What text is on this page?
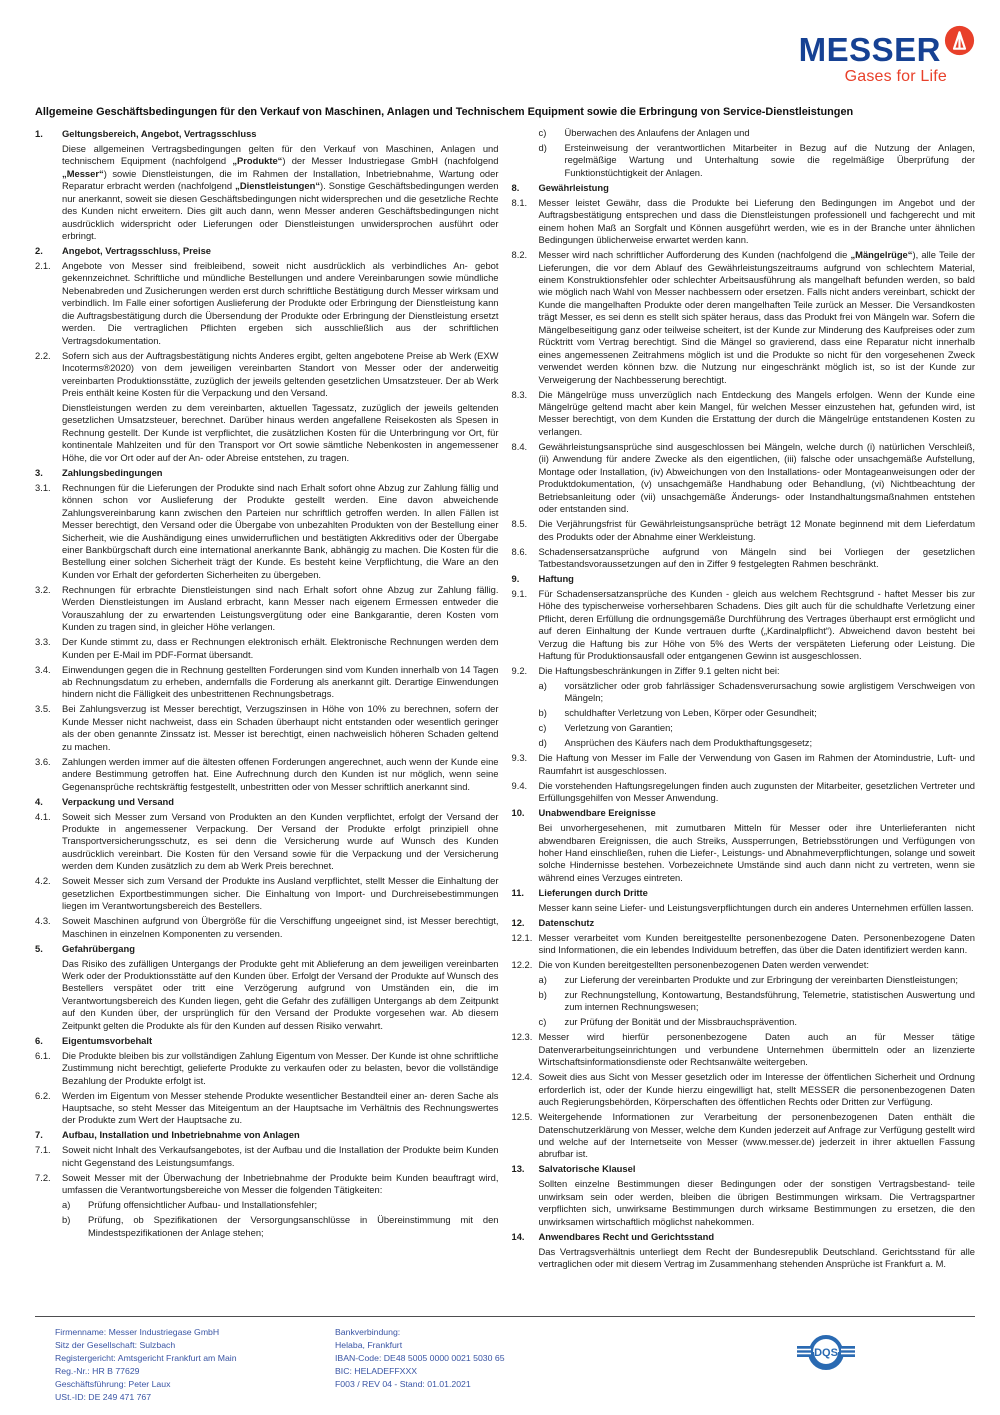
MESSER
Gases for Life
Allgemeine Geschäftsbedingungen für den Verkauf von Maschinen, Anlagen und Technischem Equipment sowie die Erbringung von Service-Dienstleistungen
1.	Geltungsbereich, Angebot, Vertragsschluss
Diese allgemeinen Vertragsbedingungen gelten für den Verkauf von Maschinen, Anlagen und technischem Equipment (nachfolgend „Produkte“) der Messer Industriegase GmbH (nachfolgend „Messer“) sowie Dienstleistungen, die im Rahmen der Installation, Inbetriebnahme, Wartung oder Reparatur erbracht werden (nachfolgend „Dienstleistungen“). Sonstige Geschäftsbedingungen werden nur anerkannt, soweit sie diesen Geschäftsbedingungen nicht widersprechen und die gesetzliche Rechte des Kunden nicht erweitern. Dies gilt auch dann, wenn Messer anderen Geschäftsbedingungen nicht ausdrücklich widerspricht oder Lieferungen oder Dienstleistungen unwidersprochen ausführt oder erbringt.
2.	Angebot, Vertragsschluss, Preise
2.1.	Angebote von Messer sind freibleibend, soweit nicht ausdrücklich als verbindliches An- gebot gekennzeichnet. Schriftliche und mündliche Bestellungen und andere Vereinbarungen sowie mündliche Nebenabreden und Zusicherungen werden erst durch schriftliche Bestätigung durch Messer wirksam und verbindlich. Im Falle einer sofortigen Auslieferung der Produkte oder Erbringung der Dienstleistung kann die Auftragsbestätigung durch die Übersendung der Produkte oder Erbringung der Dienstleistung ersetzt werden. Die vertraglichen Pflichten ergeben sich ausschließlich aus der schriftlichen Vertragsdokumentation.
2.2.	Sofern sich aus der Auftragsbestätigung nichts Anderes ergibt, gelten angebotene Preise ab Werk (EXW Incoterms®2020) von dem jeweiligen vereinbarten Standort von Messer oder der anderweitig vereinbarten Produktionsstätte, zuzüglich der jeweils geltenden gesetzlichen Umsatzsteuer. Der ab Werk Preis enthält keine Kosten für die Verpackung und den Versand.
Dienstleistungen werden zu dem vereinbarten, aktuellen Tagessatz, zuzüglich der jeweils geltenden gesetzlichen Umsatzsteuer, berechnet. Darüber hinaus werden angefallene Reisekosten als Spesen in Rechnung gestellt. Der Kunde ist verpflichtet, die zusätzlichen Kosten für die Unterbringung vor Ort, für kontinentale Mahlzeiten und für den Transport vor Ort sowie sämtliche Nebenkosten in angemessener Höhe, die vor Ort oder auf der An- oder Abreise entstehen, zu tragen.
3.	Zahlungsbedingungen
3.1.	Rechnungen für die Lieferungen der Produkte sind nach Erhalt sofort ohne Abzug zur Zahlung fällig und können schon vor Auslieferung der Produkte gestellt werden. Eine davon abweichende Zahlungsvereinbarung kann zwischen den Parteien nur schriftlich getroffen werden. In allen Fällen ist Messer berechtigt, den Versand oder die Übergabe von unbezahlten Produkten von der Bestellung einer Sicherheit, wie die Aushändigung eines unwiderruflichen und bestätigten Akkreditivs oder der Übergabe einer Bankbürgschaft durch eine international anerkannte Bank, abhängig zu machen. Die Kosten für die Bestellung einer solchen Sicherheit trägt der Kunde. Es besteht keine Verpflichtung, die Ware an den Kunden vor Erhalt der geforderten Sicherheiten zu übergeben.
3.2.	Rechnungen für erbrachte Dienstleistungen sind nach Erhalt sofort ohne Abzug zur Zahlung fällig. Werden Dienstleistungen im Ausland erbracht, kann Messer nach eigenem Ermessen entweder die Vorauszahlung der zu erwartenden Leistungsvergütung oder eine Bankgarantie, deren Kosten vom Kunden zu tragen sind, in gleicher Höhe verlangen.
3.3.	Der Kunde stimmt zu, dass er Rechnungen elektronisch erhält. Elektronische Rechnungen werden dem Kunden per E-Mail im PDF-Format übersandt.
3.4.	Einwendungen gegen die in Rechnung gestellten Forderungen sind vom Kunden innerhalb von 14 Tagen ab Rechnungsdatum zu erheben, andernfalls die Forderung als anerkannt gilt. Derartige Einwendungen hindern nicht die Fälligkeit des unbestrittenen Rechnungsbetrags.
3.5.	Bei Zahlungsverzug ist Messer berechtigt, Verzugszinsen in Höhe von 10% zu berechnen, sofern der Kunde Messer nicht nachweist, dass ein Schaden überhaupt nicht entstanden oder wesentlich geringer als der oben genannte Zinssatz ist. Messer ist berechtigt, einen nachweislich höheren Schaden geltend zu machen.
3.6.	Zahlungen werden immer auf die ältesten offenen Forderungen angerechnet, auch wenn der Kunde eine andere Bestimmung getroffen hat. Eine Aufrechnung durch den Kunden ist nur möglich, wenn seine Gegenansprüche rechtskräftig festgestellt, unbestritten oder von Messer schriftlich anerkannt sind.
4.	Verpackung und Versand
4.1.	Soweit sich Messer zum Versand von Produkten an den Kunden verpflichtet, erfolgt der Versand der Produkte in angemessener Verpackung. Der Versand der Produkte erfolgt prinzipiell ohne Transportversicherungsschutz, es sei denn die Versicherung wurde auf Wunsch des Kunden ausdrücklich vereinbart. Die Kosten für den Versand sowie für die Verpackung und der Versicherung werden dem Kunden zusätzlich zu dem ab Werk Preis berechnet.
4.2.	Soweit Messer sich zum Versand der Produkte ins Ausland verpflichtet, stellt Messer die Einhaltung der gesetzlichen Exportbestimmungen sicher. Die Einhaltung von Import- und Durchreisebestimmungen liegen im Verantwortungsbereich des Bestellers.
4.3.	Soweit Maschinen aufgrund von Übergröße für die Verschiffung ungeeignet sind, ist Messer berechtigt, Maschinen in einzelnen Komponenten zu versenden.
5.	Gefahrübergang
Das Risiko des zufälligen Untergangs der Produkte geht mit Ablieferung an dem jeweiligen vereinbarten Werk oder der Produktionsstätte auf den Kunden über. Erfolgt der Versand der Produkte auf Wunsch des Bestellers verspätet oder tritt eine Verzögerung aufgrund von Umständen ein, die im Verantwortungsbereich des Kunden liegen, geht die Gefahr des zufälligen Untergangs ab dem Zeitpunkt auf den Kunden über, der ursprünglich für den Versand der Produkte vorgesehen war. Ab diesem Zeitpunkt gelten die Produkte als für den Kunden auf dessen Risiko verwahrt.
6.	Eigentumsvorbehalt
6.1.	Die Produkte bleiben bis zur vollständigen Zahlung Eigentum von Messer. Der Kunde ist ohne schriftliche Zustimmung nicht berechtigt, gelieferte Produkte zu verkaufen oder zu belasten, bevor die vollständige Bezahlung der Produkte erfolgt ist.
6.2.	Werden im Eigentum von Messer stehende Produkte wesentlicher Bestandteil einer an- deren Sache als Hauptsache, so steht Messer das Miteigentum an der Hauptsache im Verhältnis des Rechnungswertes der Produkte zum Wert der Hauptsache zu.
7.	Aufbau, Installation und Inbetriebnahme von Anlagen
7.1.	Soweit nicht Inhalt des Verkaufsangebotes, ist der Aufbau und die Installation der Produkte beim Kunden nicht Gegenstand des Leistungsumfangs.
7.2.	Soweit Messer mit der Überwachung der Inbetriebnahme der Produkte beim Kunden beauftragt wird, umfassen die Verantwortungsbereiche von Messer die folgenden Tätigkeiten:
a)	Prüfung offensichtlicher Aufbau- und Installationsfehler;
b)	Prüfung, ob Spezifikationen der Versorgungsanschlüsse in Übereinstimmung mit den Mindestspezifikationen der Anlage stehen;
c)	Überwachen des Anlaufens der Anlagen und
d)	Ersteinweisung der verantwortlichen Mitarbeiter in Bezug auf die Nutzung der Anlagen, regelmäßige Wartung und Unterhaltung sowie die regelmäßige Überprüfung der Funktionstüchtigkeit der Anlagen.
8.	Gewährleistung
8.1.	Messer leistet Gewähr, dass die Produkte bei Lieferung den Bedingungen im Angebot und der Auftragsbestätigung entsprechen und dass die Dienstleistungen professionell und fachgerecht und mit einem hohen Maß an Sorgfalt und Können ausgeführt werden, wie es in der Branche unter ähnlichen Bedingungen üblicherweise erwartet werden kann.
8.2.	Messer wird nach schriftlicher Aufforderung des Kunden (nachfolgend die „Mängelrüge“), alle Teile der Lieferungen, die vor dem Ablauf des Gewährleistungszeitraums aufgrund von schlechtem Material, einem Konstruktionsfehler oder schlechter Arbeitsausführung als mangelhaft befunden werden, so bald wie möglich nach Wahl von Messer nachbessern oder ersetzen. Falls nicht anders vereinbart, schickt der Kunde die mangelhaften Produkte oder deren mangelhaften Teile zurück an Messer. Die Versandkosten trägt Messer, es sei denn es stellt sich später heraus, dass das Produkt frei von Mängeln war. Sofern die Mängelbeseitigung ganz oder teilweise scheitert, ist der Kunde zur Minderung des Kaufpreises oder zum Rücktritt vom Vertrag berechtigt. Sind die Mängel so gravierend, dass eine Reparatur nicht innerhalb eines angemessenen Zeitrahmens möglich ist und die Produkte so nicht für den vorgesehenen Zweck verwendet werden können bzw. die Nutzung nur eingeschränkt möglich ist, so ist der Kunde zur Verweigerung der Nachbesserung berechtigt.
8.3.	Die Mängelrüge muss unverzüglich nach Entdeckung des Mangels erfolgen. Wenn der Kunde eine Mängelrüge geltend macht aber kein Mangel, für welchen Messer einzustehen hat, gefunden wird, ist Messer berechtigt, von dem Kunden die Erstattung der durch die Mängelrüge entstandenen Kosten zu verlangen.
8.4.	Gewährleistungsansprüche sind ausgeschlossen bei Mängeln, welche durch (i) natürlichen Verschleiß, (ii) Anwendung für andere Zwecke als den eigentlichen, (iii) falsche oder unsachgemäße Aufstellung, Montage oder Installation, (iv) Abweichungen von den Installations- oder Montageanweisungen oder der Produktdokumentation, (v) unsachgemäße Handhabung oder Behandlung, (vi) Nichtbeachtung der Betriebsanleitung oder (vii) unsachgemäße Änderungs- oder Instandhaltungsmaßnahmen entstehen oder entstanden sind.
8.5.	Die Verjährungsfrist für Gewährleistungsansprüche beträgt 12 Monate beginnend mit dem Lieferdatum des Produkts oder der Abnahme einer Werkleistung.
8.6.	Schadensersatzansprüche aufgrund von Mängeln sind bei Vorliegen der gesetzlichen Tatbestandsvoraussetzungen auf den in Ziffer 9 festgelegten Rahmen beschränkt.
9.	Haftung
9.1.	Für Schadensersatzansprüche des Kunden - gleich aus welchem Rechtsgrund - haftet Messer bis zur Höhe des typischerweise vorhersehbaren Schadens. Dies gilt auch für die schuldhafte Verletzung einer Pflicht, deren Erfüllung die ordnungsgemäße Durchführung des Vertrages überhaupt erst ermöglicht und auf deren Einhaltung der Kunde vertrauen durfte („Kardinalpflicht“). Abweichend davon besteht bei Verzug die Haftung bis zur Höhe von 5% des Werts der verspäteten Lieferung oder Leistung. Die Haftung für Produktionsausfall oder entgangenen Gewinn ist ausgeschlossen.
9.2.	Die Haftungsbeschränkungen in Ziffer 9.1 gelten nicht bei:
a)	vorsätzlicher oder grob fahrlässiger Schadensverursachung sowie arglistigem Verschweigen von Mängeln;
b)	schuldhafter Verletzung von Leben, Körper oder Gesundheit;
c)	Verletzung von Garantien;
d)	Ansprüchen des Käufers nach dem Produkthaftungsgesetz;
9.3.	Die Haftung von Messer im Falle der Verwendung von Gasen im Rahmen der Atomindustrie, Luft- und Raumfahrt ist ausgeschlossen.
9.4.	Die vorstehenden Haftungsregelungen finden auch zugunsten der Mitarbeiter, gesetzlichen Vertreter und Erfüllungsgehilfen von Messer Anwendung.
10.	Unabwendbare Ereignisse
Bei unvorhergesehenen, mit zumutbaren Mitteln für Messer oder ihre Unterlieferanten nicht abwendbaren Ereignissen, die auch Streiks, Aussperrungen, Betriebsstörungen und Verfügungen von hoher Hand einschließen, ruhen die Liefer-, Leistungs- und Abnahmeverpflichtungen, solange und soweit solche Hindernisse bestehen. Vorbezeichnete Umstände sind auch dann nicht zu vertreten, wenn sie während eines Verzuges eintreten.
11.	Lieferungen durch Dritte
Messer kann seine Liefer- und Leistungsverpflichtungen durch ein anderes Unternehmen erfüllen lassen.
12.	Datenschutz
12.1. Messer verarbeitet vom Kunden bereitgestellte personenbezogene Daten. Personenbezogene Daten sind Informationen, die ein lebendes Individuum betreffen, das über die Daten identifiziert werden kann.
12.2. Die von Kunden bereitgestellten personenbezogenen Daten werden verwendet:
a)	zur Lieferung der vereinbarten Produkte und zur Erbringung der vereinbarten Dienstleistungen;
b)	zur Rechnungstellung, Kontowartung, Bestandsführung, Telemetrie, statistischen Auswertung und zum internen Rechnungswesen;
c)	zur Prüfung der Bonität und der Missbrauchsprävention.
12.3. Messer wird hierfür personenbezogene Daten auch an für Messer tätige Datenverarbeitungseinrichtungen und verbundene Unternehmen übermitteln oder an lizenzierte Wirtschaftsinformationsdienste oder Rechtsanwälte weitergeben.
12.4. Soweit dies aus Sicht von Messer gesetzlich oder im Interesse der öffentlichen Sicherheit und Ordnung erforderlich ist, oder der Kunde hierzu eingewilligt hat, stellt MESSER die personenbezogenen Daten auch Regierungsbehörden, Körperschaften des öffentlichen Rechts oder Dritten zur Verfügung.
12.5. Weitergehende Informationen zur Verarbeitung der personenbezogenen Daten enthält die Datenschutzerklärung von Messer, welche dem Kunden jederzeit auf Anfrage zur Verfügung gestellt wird und welche auf der Internetseite von Messer (www.messer.de) jederzeit in ihrer aktuellen Fassung abrufbar ist.
13.	Salvatorische Klausel
Sollten einzelne Bestimmungen dieser Bedingungen oder der sonstigen Vertragsbestand- teile unwirksam sein oder werden, bleiben die übrigen Bestimmungen wirksam. Die Vertragspartner verpflichten sich, unwirksame Bestimmungen durch wirksame Bestimmungen zu ersetzen, die den unwirksamen wirtschaftlich möglichst nahekommen.
14.	Anwendbares Recht und Gerichtsstand
Das Vertragsverhältnis unterliegt dem Recht der Bundesrepublik Deutschland. Gerichtsstand für alle vertraglichen oder mit diesem Vertrag im Zusammenhang stehenden Ansprüche ist Frankfurt a. M.
Firmenname: Messer Industriegase GmbH
Sitz der Gesellschaft: Sulzbach
Registergericht: Amtsgericht Frankfurt am Main
Reg.-Nr.: HR B 77629
Geschäftsführung: Peter Laux
USt.-ID: DE 249 471 767
Bankverbindung:
Helaba, Frankfurt
IBAN-Code: DE48 5005 0000 0021 5030 65
BIC: HELADEFFXXX
F003 / REV 04 - Stand: 01.01.2021
DQS
